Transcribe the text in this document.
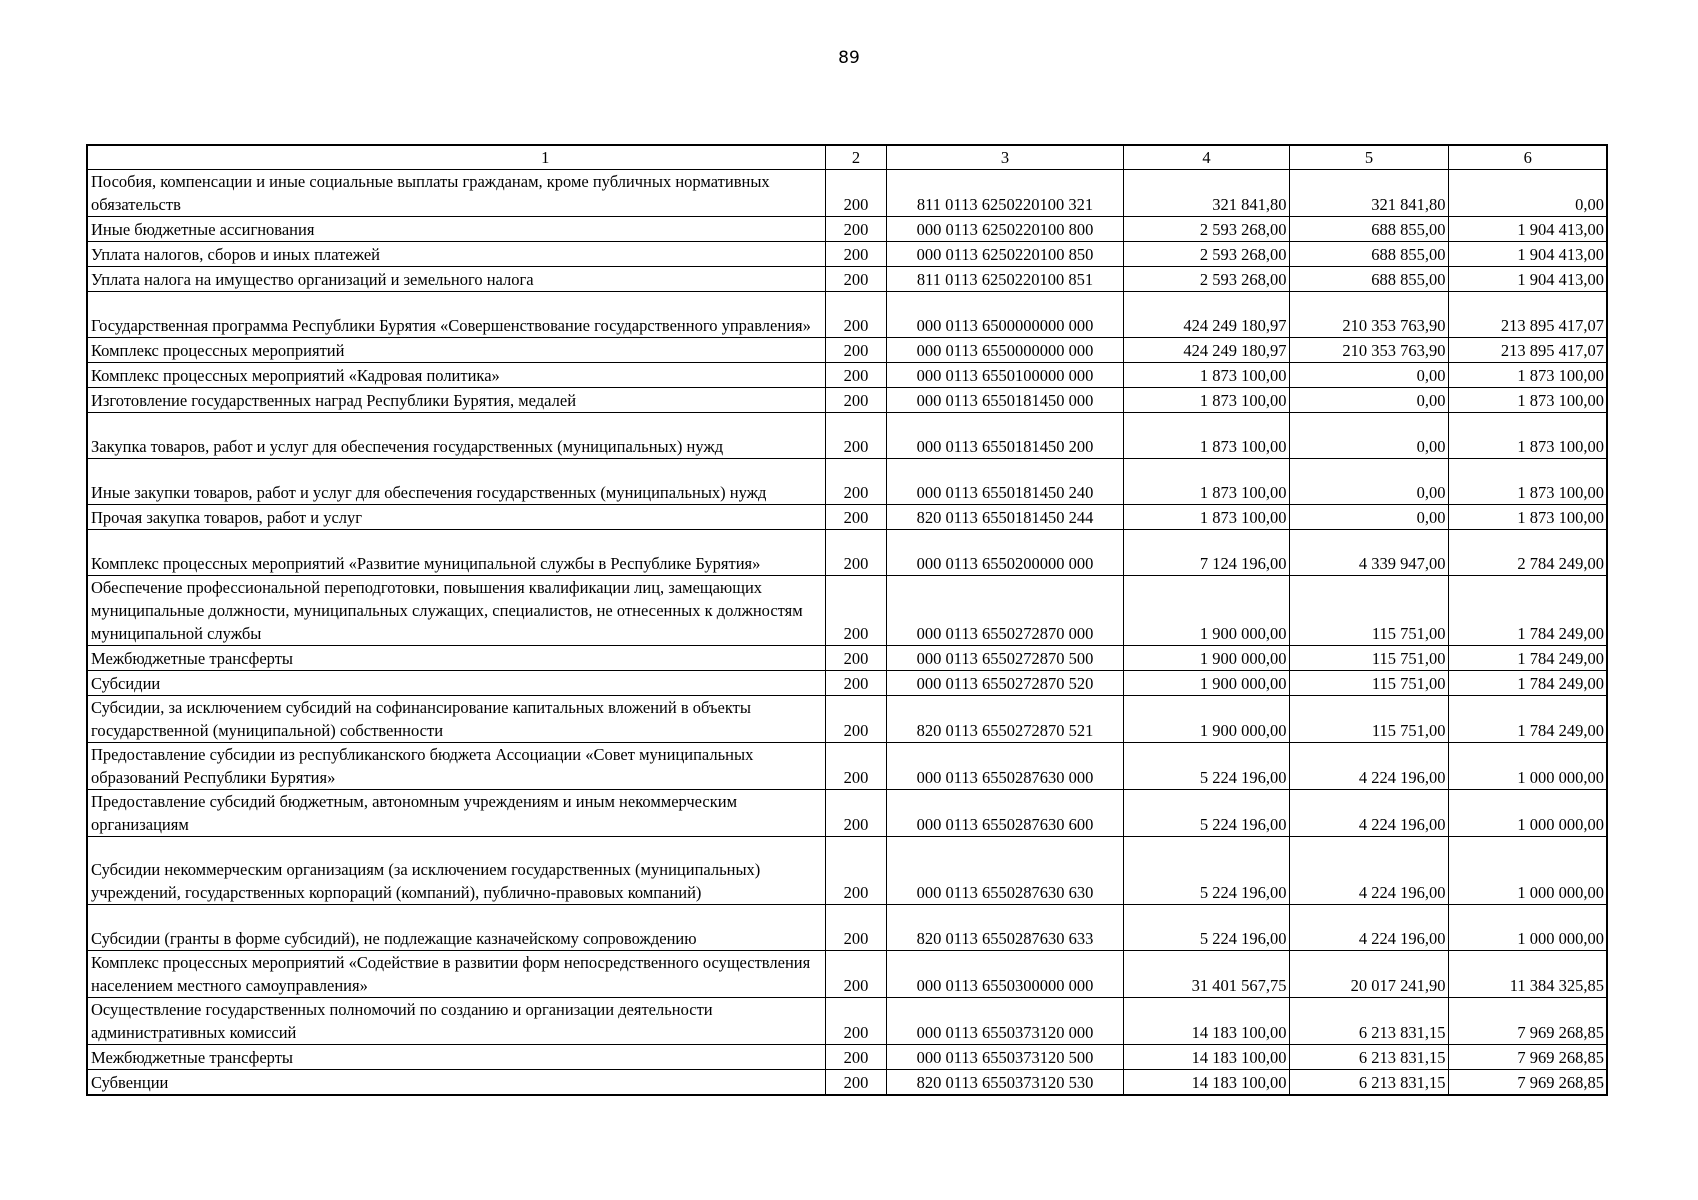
89
1	2	3	4	5	6
Пособия, компенсации и иные социальные выплаты гражданам, кроме публичных нормативных обязательств	200	811 0113 6250220100 321	321 841,80	321 841,80	0,00
Иные бюджетные ассигнования	200	000 0113 6250220100 800	2 593 268,00	688 855,00	1 904 413,00
Уплата налогов, сборов и иных платежей	200	000 0113 6250220100 850	2 593 268,00	688 855,00	1 904 413,00
Уплата налога на имущество организаций и земельного налога	200	811 0113 6250220100 851	2 593 268,00	688 855,00	1 904 413,00
Государственная программа Республики Бурятия «Совершенствование государственного управления»	200	000 0113 6500000000 000	424 249 180,97	210 353 763,90	213 895 417,07
Комплекс процессных мероприятий	200	000 0113 6550000000 000	424 249 180,97	210 353 763,90	213 895 417,07
Комплекс процессных мероприятий «Кадровая политика»	200	000 0113 6550100000 000	1 873 100,00	0,00	1 873 100,00
Изготовление государственных наград Республики Бурятия, медалей	200	000 0113 6550181450 000	1 873 100,00	0,00	1 873 100,00
Закупка товаров, работ и услуг для обеспечения государственных (муниципальных) нужд	200	000 0113 6550181450 200	1 873 100,00	0,00	1 873 100,00
Иные закупки товаров, работ и услуг для обеспечения государственных (муниципальных) нужд	200	000 0113 6550181450 240	1 873 100,00	0,00	1 873 100,00
Прочая закупка товаров, работ и услуг	200	820 0113 6550181450 244	1 873 100,00	0,00	1 873 100,00
Комплекс процессных мероприятий «Развитие муниципальной службы в Республике Бурятия»	200	000 0113 6550200000 000	7 124 196,00	4 339 947,00	2 784 249,00
Обеспечение профессиональной переподготовки, повышения квалификации лиц, замещающих муниципальные должности, муниципальных служащих, специалистов, не отнесенных к должностям муниципальной службы	200	000 0113 6550272870 000	1 900 000,00	115 751,00	1 784 249,00
Межбюджетные трансферты	200	000 0113 6550272870 500	1 900 000,00	115 751,00	1 784 249,00
Субсидии	200	000 0113 6550272870 520	1 900 000,00	115 751,00	1 784 249,00
Субсидии, за исключением субсидий на софинансирование капитальных вложений в объекты государственной (муниципальной) собственности	200	820 0113 6550272870 521	1 900 000,00	115 751,00	1 784 249,00
Предоставление субсидии из республиканского бюджета Ассоциации «Совет муниципальных образований Республики Бурятия»	200	000 0113 6550287630 000	5 224 196,00	4 224 196,00	1 000 000,00
Предоставление субсидий бюджетным, автономным учреждениям и иным некоммерческим организациям	200	000 0113 6550287630 600	5 224 196,00	4 224 196,00	1 000 000,00
Субсидии некоммерческим организациям (за исключением государственных (муниципальных) учреждений, государственных корпораций (компаний), публично-правовых компаний)	200	000 0113 6550287630 630	5 224 196,00	4 224 196,00	1 000 000,00
Субсидии (гранты в форме субсидий), не подлежащие казначейскому сопровождению	200	820 0113 6550287630 633	5 224 196,00	4 224 196,00	1 000 000,00
Комплекс процессных мероприятий «Содействие в развитии форм непосредственного осуществления населением местного самоуправления»	200	000 0113 6550300000 000	31 401 567,75	20 017 241,90	11 384 325,85
Осуществление государственных полномочий по созданию и организации деятельности административных комиссий	200	000 0113 6550373120 000	14 183 100,00	6 213 831,15	7 969 268,85
Межбюджетные трансферты	200	000 0113 6550373120 500	14 183 100,00	6 213 831,15	7 969 268,85
Субвенции	200	820 0113 6550373120 530	14 183 100,00	6 213 831,15	7 969 268,85
